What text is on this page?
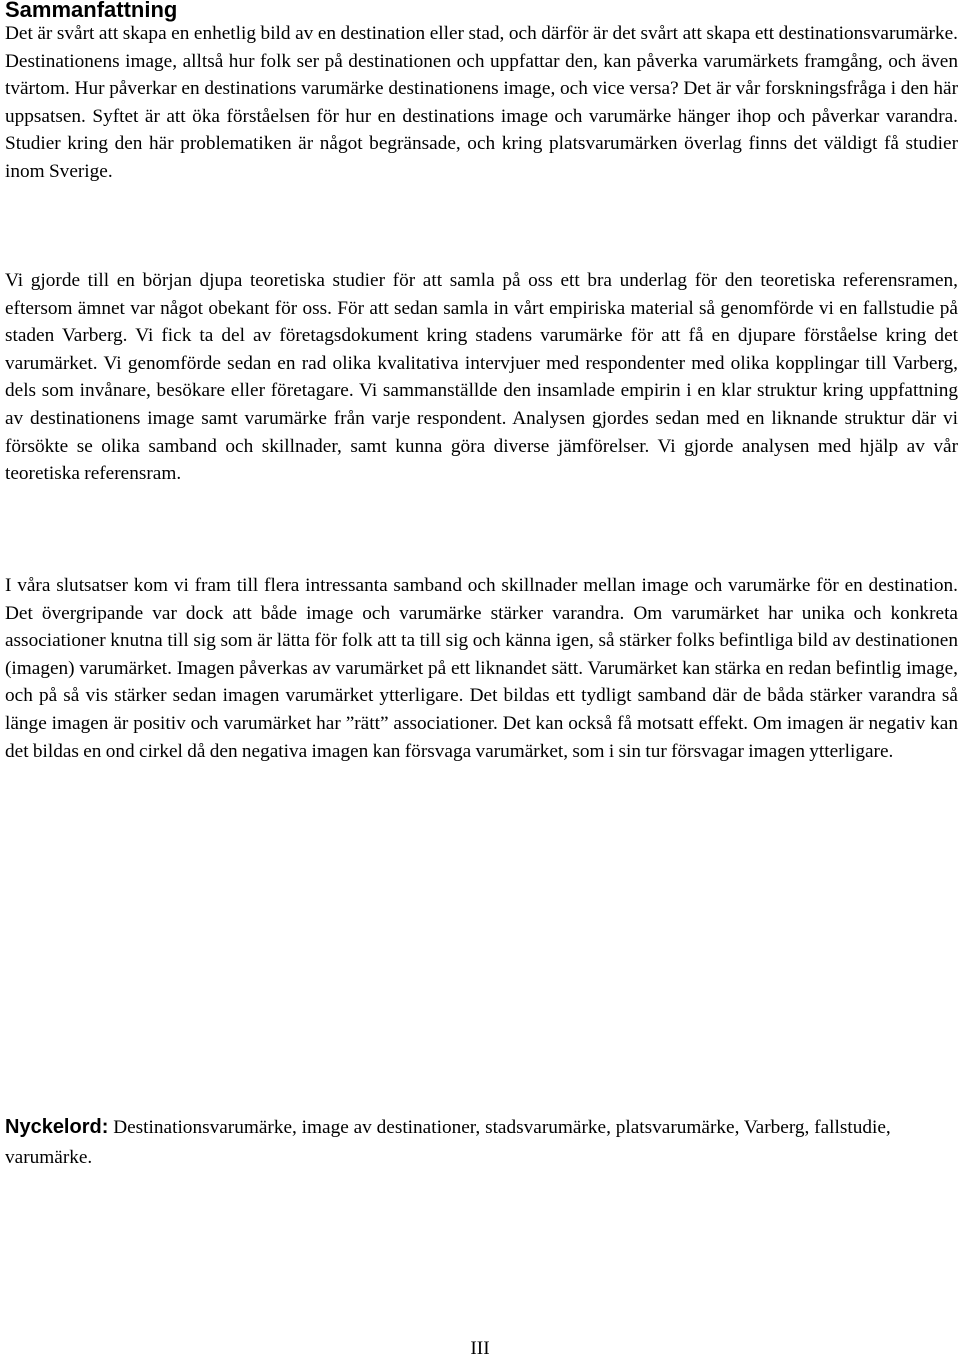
Sammanfattning

Det är svårt att skapa en enhetlig bild av en destination eller stad, och därför är det svårt att skapa ett destinationsvarumärke. Destinationens image, alltså hur folk ser på destinationen och uppfattar den, kan påverka varumärkets framgång, och även tvärtom. Hur påverkar en destinations varumärke destinationens image, och vice versa? Det är vår forskningsfråga i den här uppsatsen. Syftet är att öka förståelsen för hur en destinations image och varumärke hänger ihop och påverkar varandra. Studier kring den här problematiken är något begränsade, och kring platsvarumärken överlag finns det väldigt få studier inom Sverige.

Vi gjorde till en början djupa teoretiska studier för att samla på oss ett bra underlag för den teoretiska referensramen, eftersom ämnet var något obekant för oss. För att sedan samla in vårt empiriska material så genomförde vi en fallstudie på staden Varberg. Vi fick ta del av företagsdokument kring stadens varumärke för att få en djupare förståelse kring det varumärket. Vi genomförde sedan en rad olika kvalitativa intervjuer med respondenter med olika kopplingar till Varberg, dels som invånare, besökare eller företagare. Vi sammanställde den insamlade empirin i en klar struktur kring uppfattning av destinationens image samt varumärke från varje respondent. Analysen gjordes sedan med en liknande struktur där vi försökte se olika samband och skillnader, samt kunna göra diverse jämförelser. Vi gjorde analysen med hjälp av vår teoretiska referensram.

I våra slutsatser kom vi fram till flera intressanta samband och skillnader mellan image och varumärke för en destination. Det övergripande var dock att både image och varumärke stärker varandra. Om varumärket har unika och konkreta associationer knutna till sig som är lätta för folk att ta till sig och känna igen, så stärker folks befintliga bild av destinationen (imagen) varumärket. Imagen påverkas av varumärket på ett liknandet sätt. Varumärket kan stärka en redan befintlig image, och på så vis stärker sedan imagen varumärket ytterligare. Det bildas ett tydligt samband där de båda stärker varandra så länge imagen är positiv och varumärket har ”rätt” associationer. Det kan också få motsatt effekt. Om imagen är negativ kan det bildas en ond cirkel då den negativa imagen kan försvaga varumärket, som i sin tur försvagar imagen ytterligare.

Nyckelord: Destinationsvarumärke, image av destinationer, stadsvarumärke, platsvarumärke, Varberg, fallstudie, varumärke.

III
